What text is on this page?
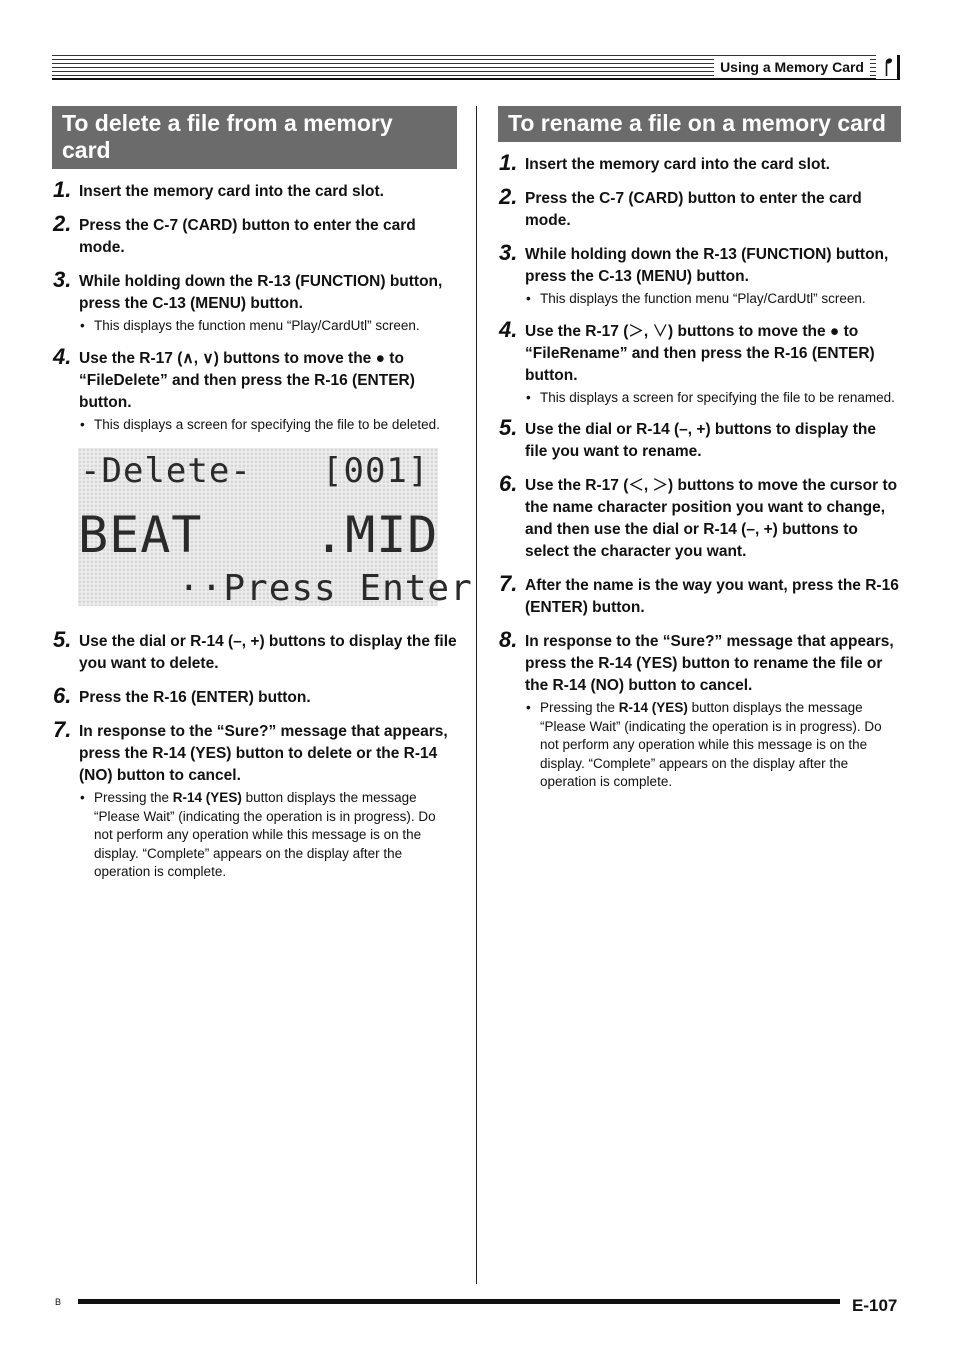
Using a Memory Card
To delete a file from a memory card
1. Insert the memory card into the card slot.
2. Press the C-7 (CARD) button to enter the card mode.
3. While holding down the R-13 (FUNCTION) button, press the C-13 (MENU) button.
• This displays the function menu “Play/CardUtl” screen.
4. Use the R-17 (∧, ∨) buttons to move the ● to “FileDelete” and then press the R-16 (ENTER) button.
• This displays a screen for specifying the file to be deleted.
-Delete- [001]
BEAT .MID
··Press Enter
5. Use the dial or R-14 (–, +) buttons to display the file you want to delete.
6. Press the R-16 (ENTER) button.
7. In response to the “Sure?” message that appears, press the R-14 (YES) button to delete or the R-14 (NO) button to cancel.
• Pressing the R-14 (YES) button displays the message “Please Wait” (indicating the operation is in progress). Do not perform any operation while this message is on the display. “Complete” appears on the display after the operation is complete.
To rename a file on a memory card
1. Insert the memory card into the card slot.
2. Press the C-7 (CARD) button to enter the card mode.
3. While holding down the R-13 (FUNCTION) button, press the C-13 (MENU) button.
• This displays the function menu “Play/CardUtl” screen.
4. Use the R-17 (＞, ∨) buttons to move the ● to “FileRename” and then press the R-16 (ENTER) button.
• This displays a screen for specifying the file to be renamed.
5. Use the dial or R-14 (–, +) buttons to display the file you want to rename.
6. Use the R-17 (＜, ＞) buttons to move the cursor to the name character position you want to change, and then use the dial or R-14 (–, +) buttons to select the character you want.
7. After the name is the way you want, press the R-16 (ENTER) button.
8. In response to the “Sure?” message that appears, press the R-14 (YES) button to rename the file or the R-14 (NO) button to cancel.
• Pressing the R-14 (YES) button displays the message “Please Wait” (indicating the operation is in progress). Do not perform any operation while this message is on the display. “Complete” appears on the display after the operation is complete.
B	E-107
